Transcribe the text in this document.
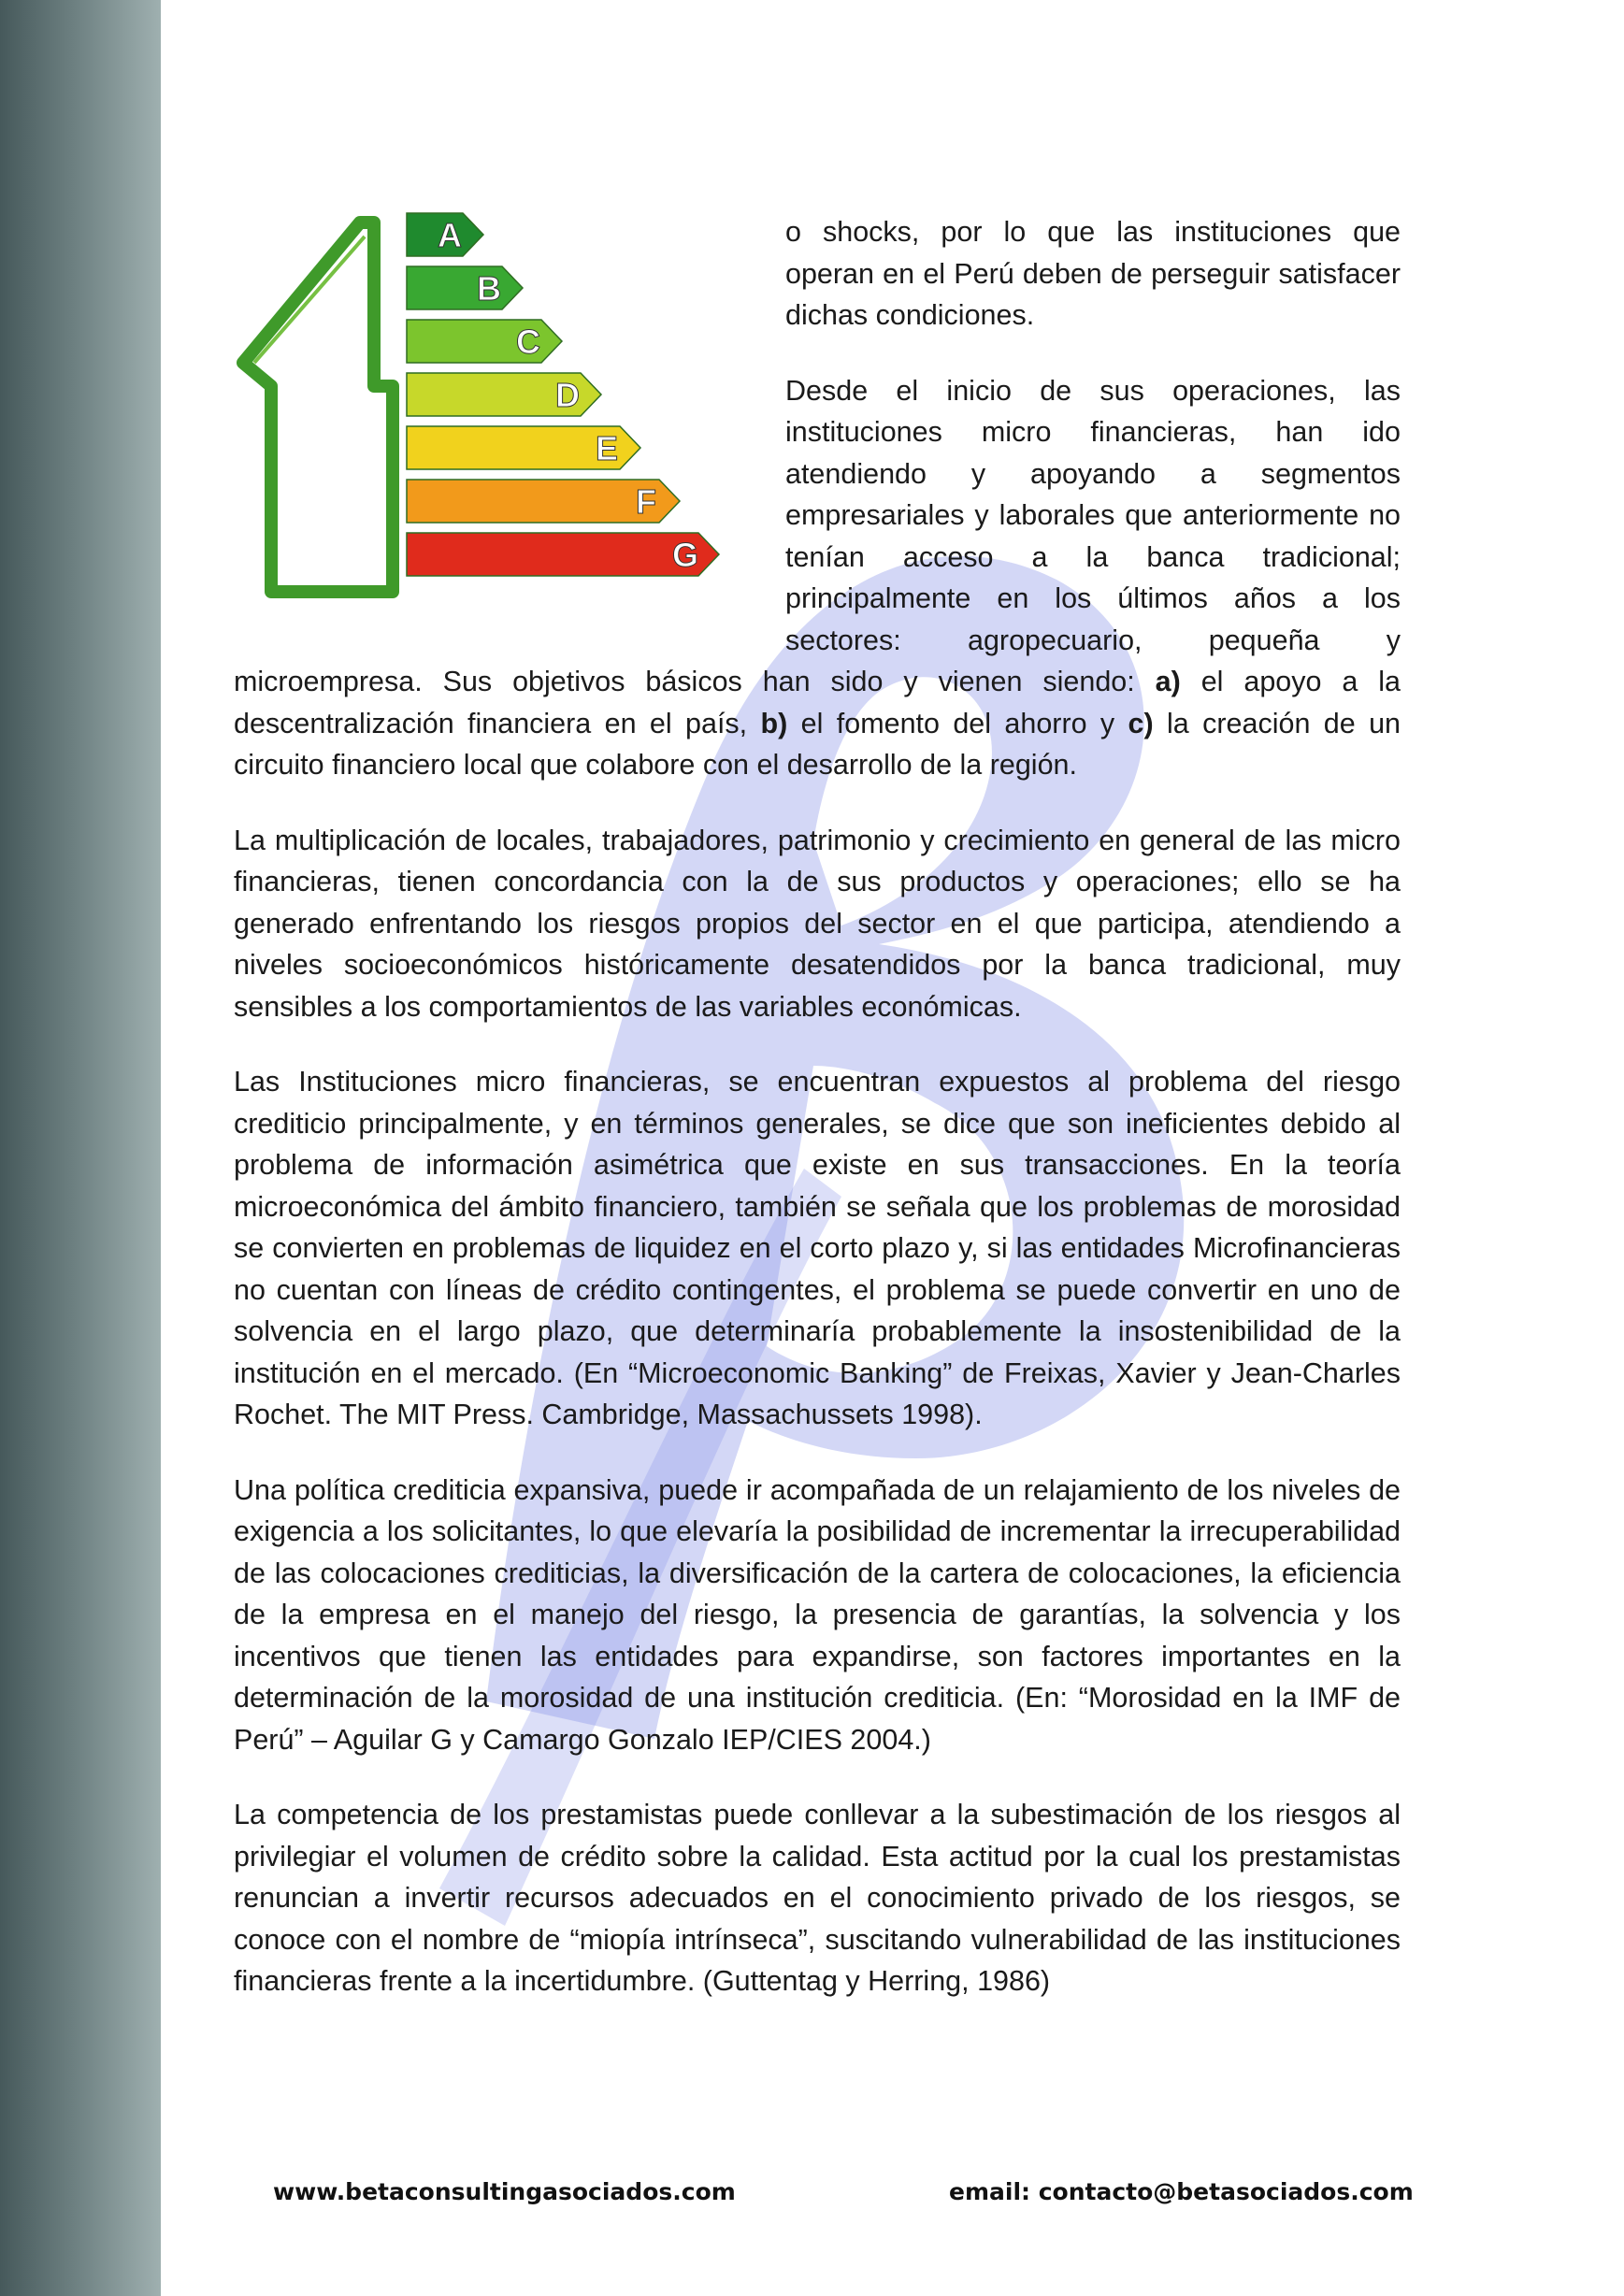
A
B
C
D
E
F
G

o shocks, por lo que las instituciones que operan en el Perú deben de perseguir satisfacer dichas condiciones.

Desde el inicio de sus operaciones, las instituciones micro financieras, han ido atendiendo y apoyando a segmentos empresariales y laborales que anteriormente no tenían acceso a la banca tradicional; principalmente en los últimos años a los sectores: agropecuario, pequeña y microempresa. Sus objetivos básicos han sido y vienen siendo: a) el apoyo a la descentralización financiera en el país, b) el fomento del ahorro y c) la creación de un circuito financiero local que colabore con el desarrollo de la región.

La multiplicación de locales, trabajadores, patrimonio y crecimiento en general de las micro financieras, tienen concordancia con la de sus productos y operaciones; ello se ha generado enfrentando los riesgos propios del sector en el que participa, atendiendo a niveles socioeconómicos históricamente desatendidos por la banca tradicional, muy sensibles a los comportamientos de las variables económicas.

Las Instituciones micro financieras, se encuentran expuestos al problema del riesgo crediticio principalmente, y en términos generales, se dice que son ineficientes debido al problema de información asimétrica que existe en sus transacciones. En la teoría microeconómica del ámbito financiero, también se señala que los problemas de morosidad se convierten en problemas de liquidez en el corto plazo y, si las entidades Microfinancieras no cuentan con líneas de crédito contingentes, el problema se puede convertir en uno de solvencia en el largo plazo, que determinaría probablemente la insostenibilidad de la institución en el mercado. (En “Microeconomic Banking” de Freixas, Xavier y Jean-Charles Rochet. The MIT Press. Cambridge, Massachussets 1998).

Una política crediticia expansiva, puede ir acompañada de un relajamiento de los niveles de exigencia a los solicitantes, lo que elevaría la posibilidad de incrementar la irrecuperabilidad de las colocaciones crediticias, la diversificación de la cartera de colocaciones, la eficiencia de la empresa en el manejo del riesgo, la presencia de garantías, la solvencia y los incentivos que tienen las entidades para expandirse, son factores importantes en la determinación de la morosidad de una institución crediticia. (En: “Morosidad en la IMF de Perú” – Aguilar G y Camargo Gonzalo IEP/CIES 2004.)

La competencia de los prestamistas puede conllevar a la subestimación de los riesgos al privilegiar el volumen de crédito sobre la calidad. Esta actitud por la cual los prestamistas renuncian a invertir recursos adecuados en el conocimiento privado de los riesgos, se conoce con el nombre de “miopía intrínseca”, suscitando vulnerabilidad de las instituciones financieras frente a la incertidumbre. (Guttentag y Herring, 1986)

www.betaconsultingasociados.com	email: contacto@betasociados.com
